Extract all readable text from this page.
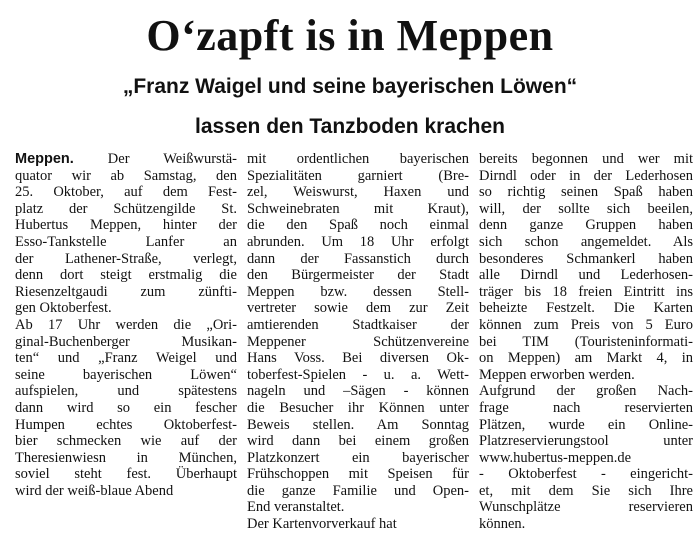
O‘zapft is in Meppen
„Franz Waigel und seine bayerischen Löwen“
lassen den Tanzboden krachen
Meppen. Der Weißwurstä-
quator wir ab Samstag, den
25. Oktober, auf dem Fest-
platz der Schützengilde St.
Hubertus Meppen, hinter der
Esso-Tankstelle Lanfer an
der Lathener-Straße, verlegt,
denn dort steigt erstmalig die
Riesenzeltgaudi zum zünfti-
gen Oktoberfest.
Ab 17 Uhr werden die „Ori-
ginal-Buchenberger Musikan-
ten“ und „Franz Weigel und
seine bayerischen Löwen“
aufspielen, und spätestens
dann wird so ein fescher
Humpen echtes Oktoberfest-
bier schmecken wie auf der
Theresienwiesn in München,
soviel steht fest. Überhaupt
wird der weiß-blaue Abend
mit ordentlichen bayerischen
Spezialitäten garniert (Bre-
zel, Weiswurst, Haxen und
Schweinebraten mit Kraut),
die den Spaß noch einmal
abrunden. Um 18 Uhr erfolgt
dann der Fassanstich durch
den Bürgermeister der Stadt
Meppen bzw. dessen Stell-
vertreter sowie dem zur Zeit
amtierenden Stadtkaiser der
Meppener Schützenvereine
Hans Voss. Bei diversen Ok-
toberfest-Spielen - u. a. Wett-
nageln und –Sägen - können
die Besucher ihr Können unter
Beweis stellen. Am Sonntag
wird dann bei einem großen
Platzkonzert ein bayerischer
Frühschoppen mit Speisen für
die ganze Familie und Open-
End veranstaltet.
Der Kartenvorverkauf hat
bereits begonnen und wer mit
Dirndl oder in der Lederhosen
so richtig seinen Spaß haben
will, der sollte sich beeilen,
denn ganze Gruppen haben
sich schon angemeldet. Als
besonderes Schmankerl haben
alle Dirndl und Lederhosen-
träger bis 18 freien Eintritt ins
beheizte Festzelt. Die Karten
können zum Preis von 5 Euro
bei TIM (Touristeninformati-
on Meppen) am Markt 4, in
Meppen erworben werden.
Aufgrund der großen Nach-
frage nach reservierten
Plätzen, wurde ein Online-
Platzreservierungstool unter
www.hubertus-meppen.de
- Oktoberfest - eingericht-
et, mit dem Sie sich Ihre
Wunschplätze reservieren
können.
